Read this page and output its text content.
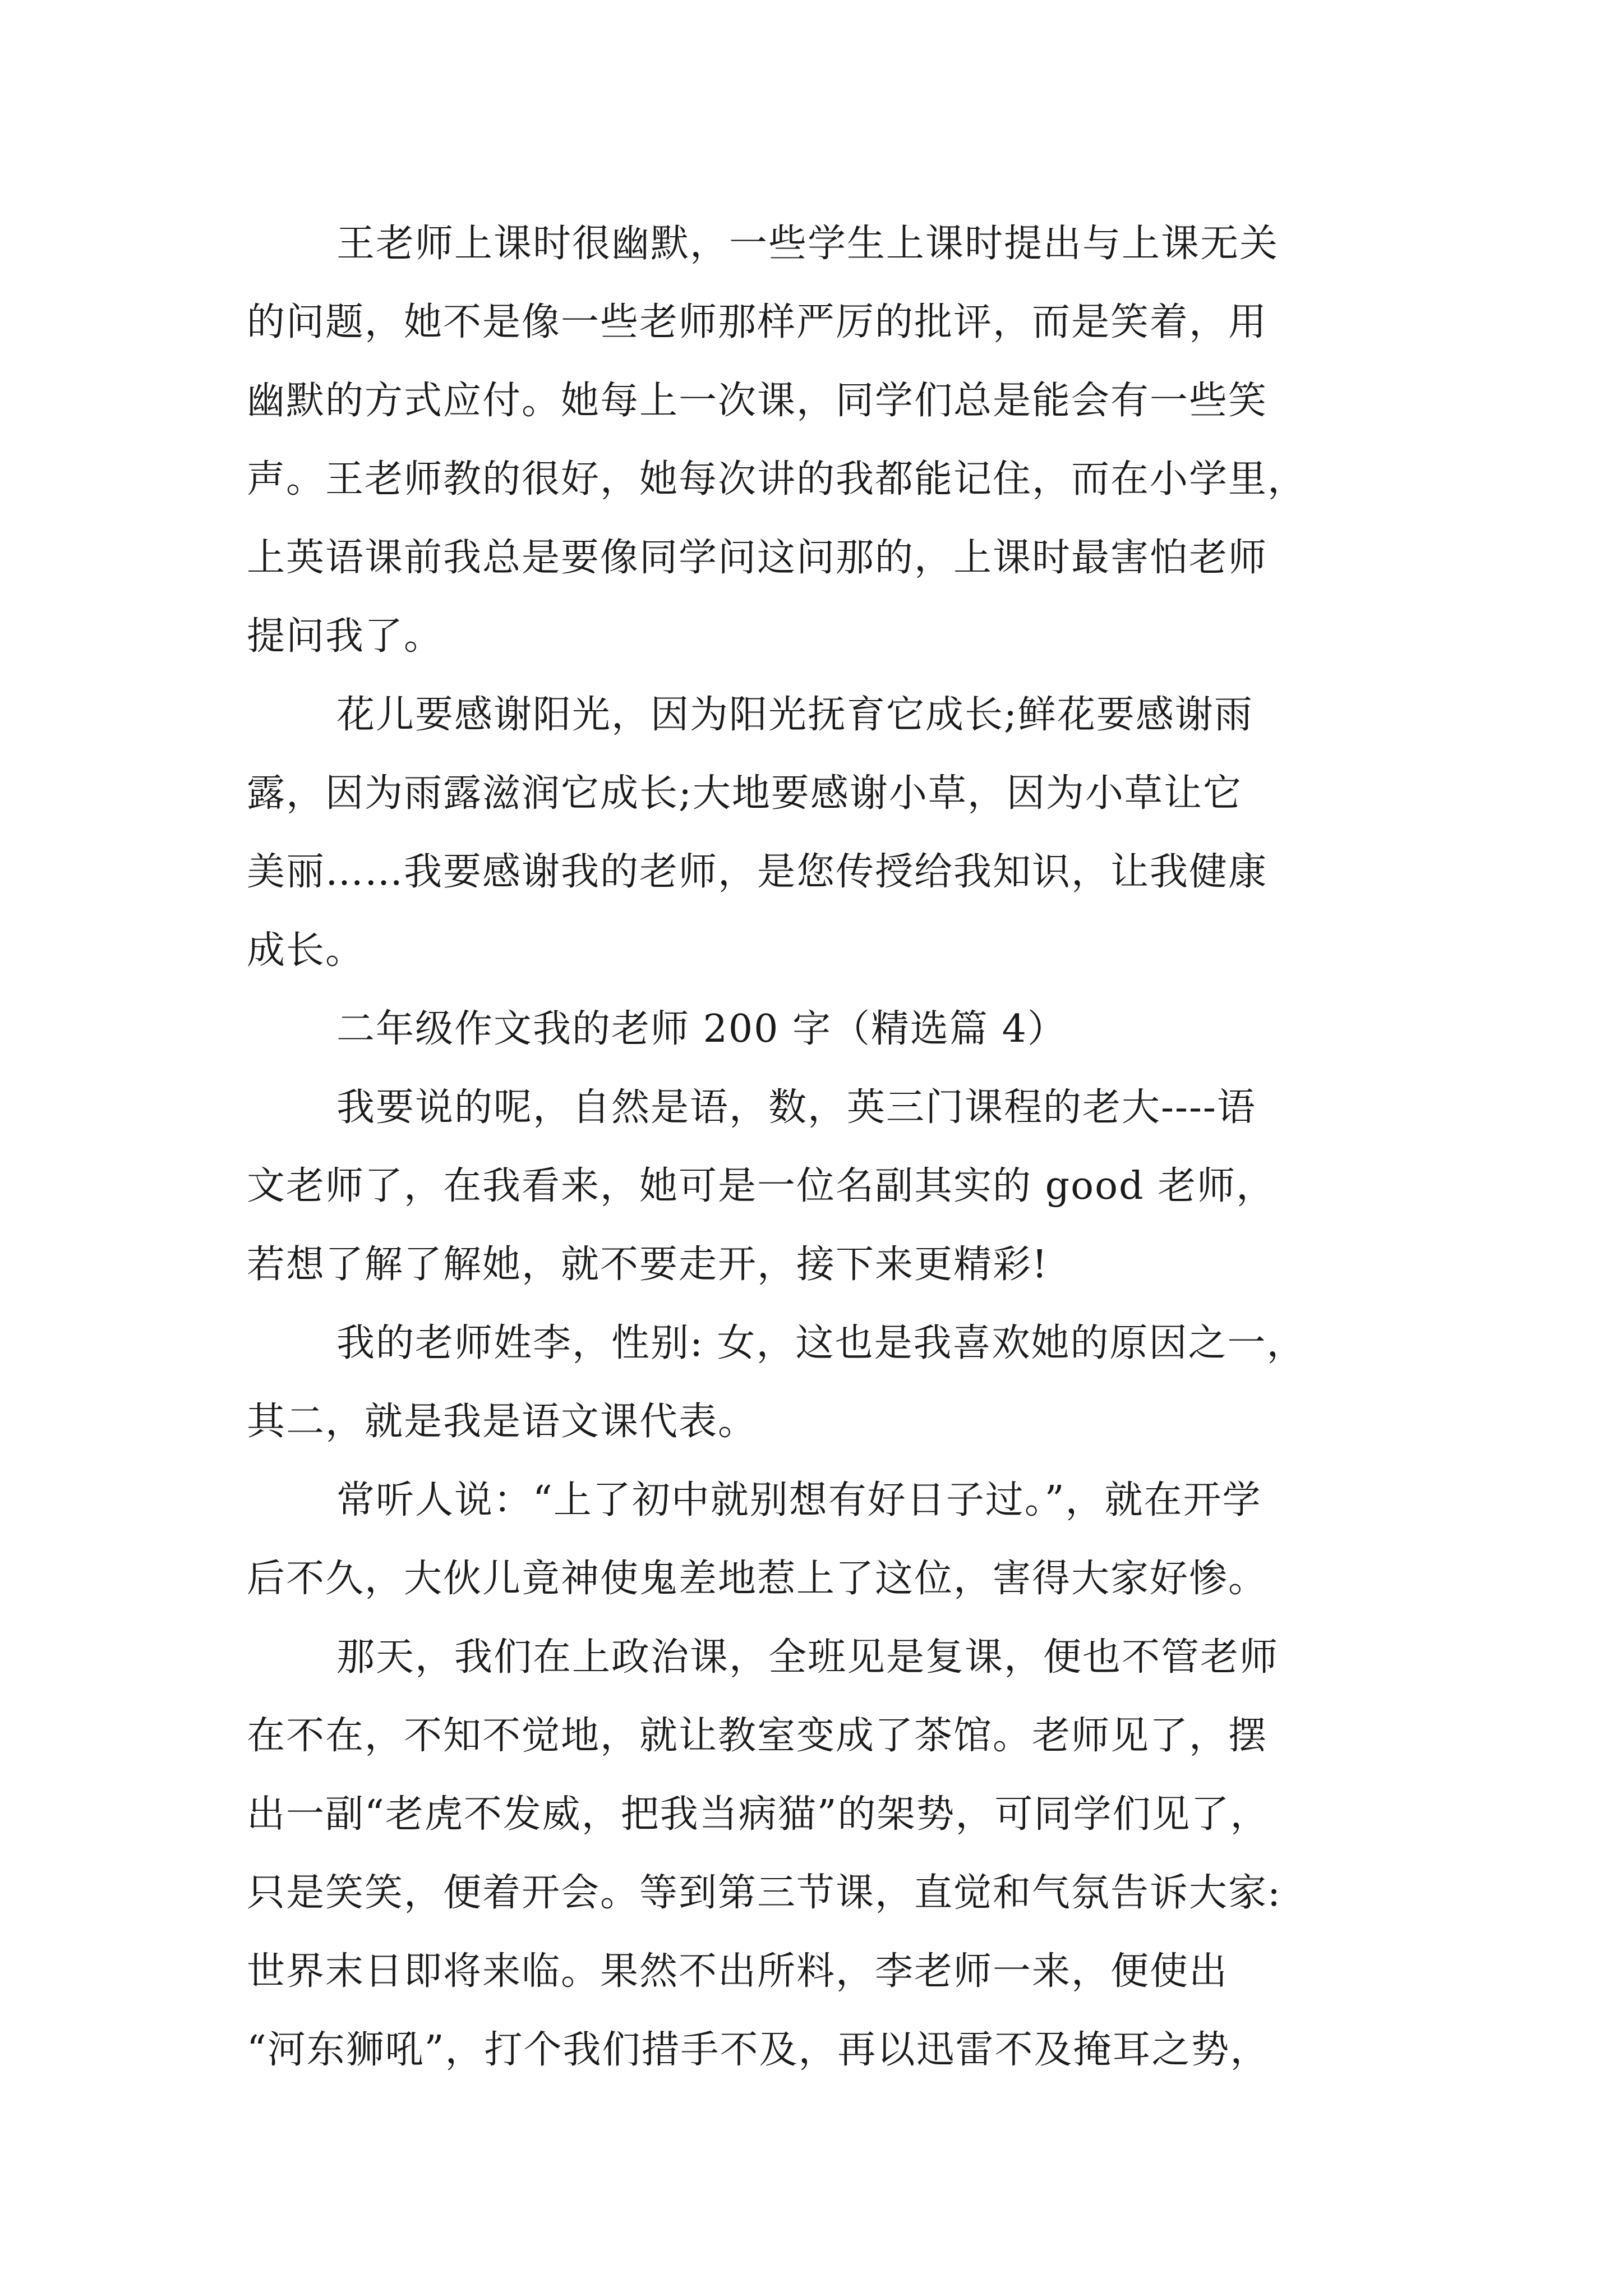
王老师上课时很幽默，一些学生上课时提出与上课无关
的问题，她不是像一些老师那样严厉的批评，而是笑着，用
幽默的方式应付。她每上一次课，同学们总是能会有一些笑
声。王老师教的很好，她每次讲的我都能记住，而在小学里，
上英语课前我总是要像同学问这问那的，上课时最害怕老师
提问我了。
花儿要感谢阳光，因为阳光抚育它成长;鲜花要感谢雨
露，因为雨露滋润它成长;大地要感谢小草，因为小草让它
美丽……我要感谢我的老师，是您传授给我知识，让我健康
成长。
二年级作文我的老师 200 字（精选篇 4）
我要说的呢，自然是语，数，英三门课程的老大----语
文老师了，在我看来，她可是一位名副其实的 good 老师，
若想了解了解她，就不要走开，接下来更精彩!
我的老师姓李，性别: 女，这也是我喜欢她的原因之一，
其二，就是我是语文课代表。
常听人说：“上了初中就别想有好日子过。”，就在开学
后不久，大伙儿竟神使鬼差地惹上了这位，害得大家好惨。
那天，我们在上政治课，全班见是复课，便也不管老师
在不在，不知不觉地，就让教室变成了茶馆。老师见了，摆
出一副“老虎不发威，把我当病猫”的架势，可同学们见了，
只是笑笑，便着开会。等到第三节课，直觉和气氛告诉大家:
世界末日即将来临。果然不出所料，李老师一来，便使出
“河东狮吼”，打个我们措手不及，再以迅雷不及掩耳之势，
